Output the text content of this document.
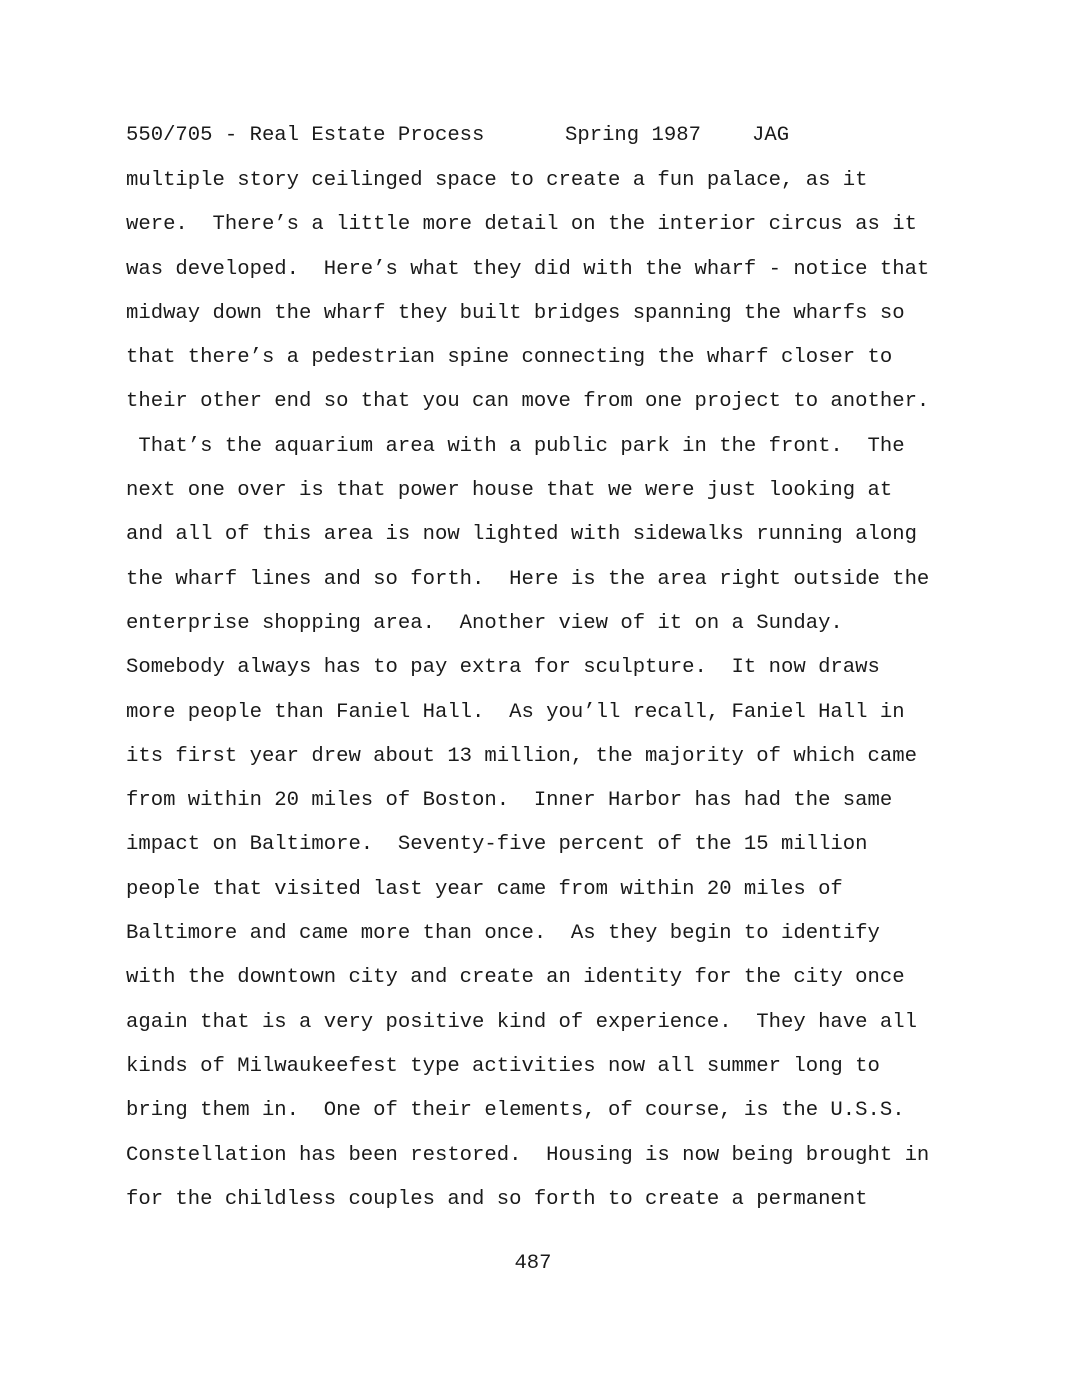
550/705 - Real Estate Process

	Spring 1987

JAG

multiple story ceilinged space to create a fun palace, as it
were.  There’s a little more detail on the interior circus as it
was developed.  Here’s what they did with the wharf - notice that
midway down the wharf they built bridges spanning the wharfs so
that there’s a pedestrian spine connecting the wharf closer to
their other end so that you can move from one project to another.
That’s the aquarium area with a public park in the front.  The
next one over is that power house that we were just looking at
and all of this area is now lighted with sidewalks running along
the wharf lines and so forth.  Here is the area right outside the
enterprise shopping area.  Another view of it on a Sunday.
Somebody always has to pay extra for sculpture.  It now draws
more people than Faniel Hall.  As you’ll recall, Faniel Hall in
its first year drew about 13 million, the majority of which came
from within 20 miles of Boston.  Inner Harbor has had the same
impact on Baltimore.  Seventy-five percent of the 15 million
people that visited last year came from within 20 miles of
Baltimore and came more than once.  As they begin to identify
with the downtown city and create an identity for the city once
again that is a very positive kind of experience.  They have all
kinds of Milwaukeefest type activities now all summer long to
bring them in.  One of their elements, of course, is the U.S.S.
Constellation has been restored.  Housing is now being brought in
for the childless couples and so forth to create a permanent
487
